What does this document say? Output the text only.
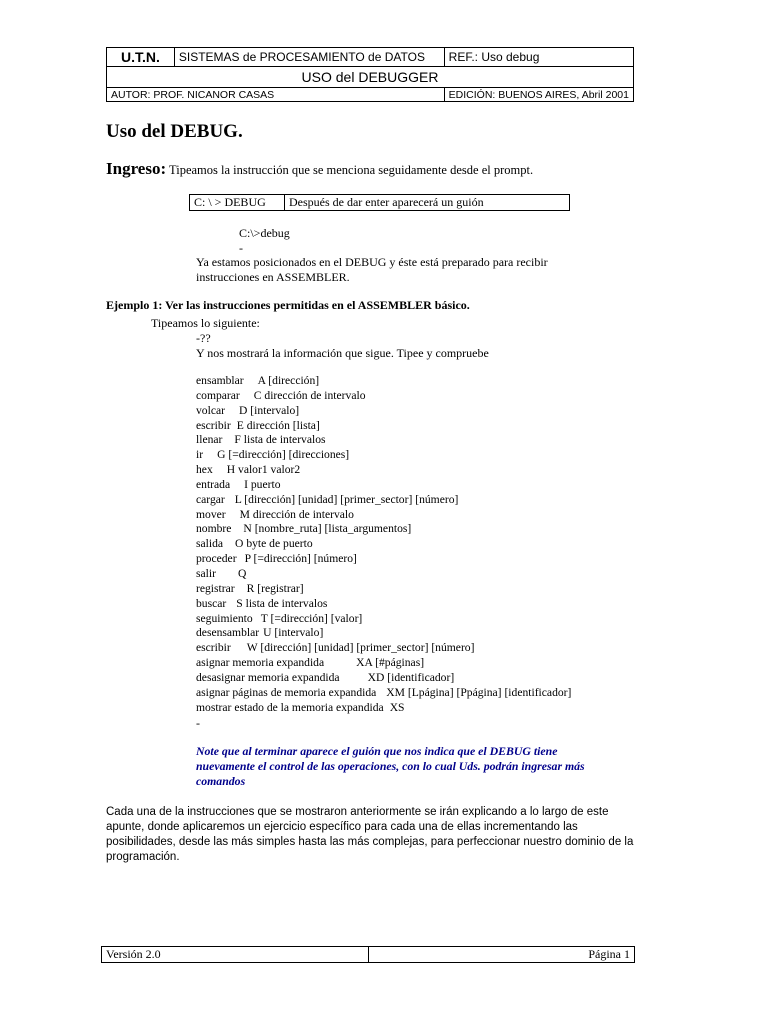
U.T.N.	SISTEMAS de PROCESAMIENTO de DATOS	REF.: Uso debug
USO del DEBUGGER		
AUTOR: PROF. NICANOR CASAS		EDICIÓN: BUENOS AIRES, Abril 2001
Uso del DEBUG.
Ingreso: Tipeamos la instrucción que se menciona seguidamente desde el prompt.
C: \ > DEBUG	Después de dar enter aparecerá un guión
C:\>debug
-
Ya estamos posicionados en el DEBUG y éste está preparado para recibir
instrucciones en ASSEMBLER.
Ejemplo 1: Ver las instrucciones permitidas en el ASSEMBLER básico.
Tipeamos lo siguiente:
-??
Y nos mostrará la información que sigue. Tipee y compruebe
ensamblar A [dirección]
comparar C dirección de intervalo
volcar D [intervalo]
escribir E dirección [lista]
llenar F lista de intervalos
ir G [=dirección] [direcciones]
hex H valor1 valor2
entrada I puerto
cargar L [dirección] [unidad] [primer_sector] [número]
mover M dirección de intervalo
nombre N [nombre_ruta] [lista_argumentos]
salida O byte de puerto
proceder P [=dirección] [número]
salir Q
registrar R [registrar]
buscar S lista de intervalos
seguimiento T [=dirección] [valor]
desensamblar U [intervalo]
escribir W [dirección] [unidad] [primer_sector] [número]
asignar memoria expandida	XA [#páginas]
desasignar memoria expandida XD [identificador]
asignar páginas de memoria expandida XM [Lpágina] [Ppágina] [identificador]
mostrar estado de la memoria expandida XS
-
Note que al terminar aparece el guión que nos indica que el DEBUG tiene
nuevamente el control de las operaciones, con lo cual Uds. podrán ingresar más
comandos
Cada una de la instrucciones que se mostraron anteriormente se irán explicando a lo largo de este
apunte, donde aplicaremos un ejercicio específico para cada una de ellas incrementando las
posibilidades, desde las más simples hasta las más complejas, para perfeccionar nuestro dominio de la
programación.
Versión 2.0	Página 1
